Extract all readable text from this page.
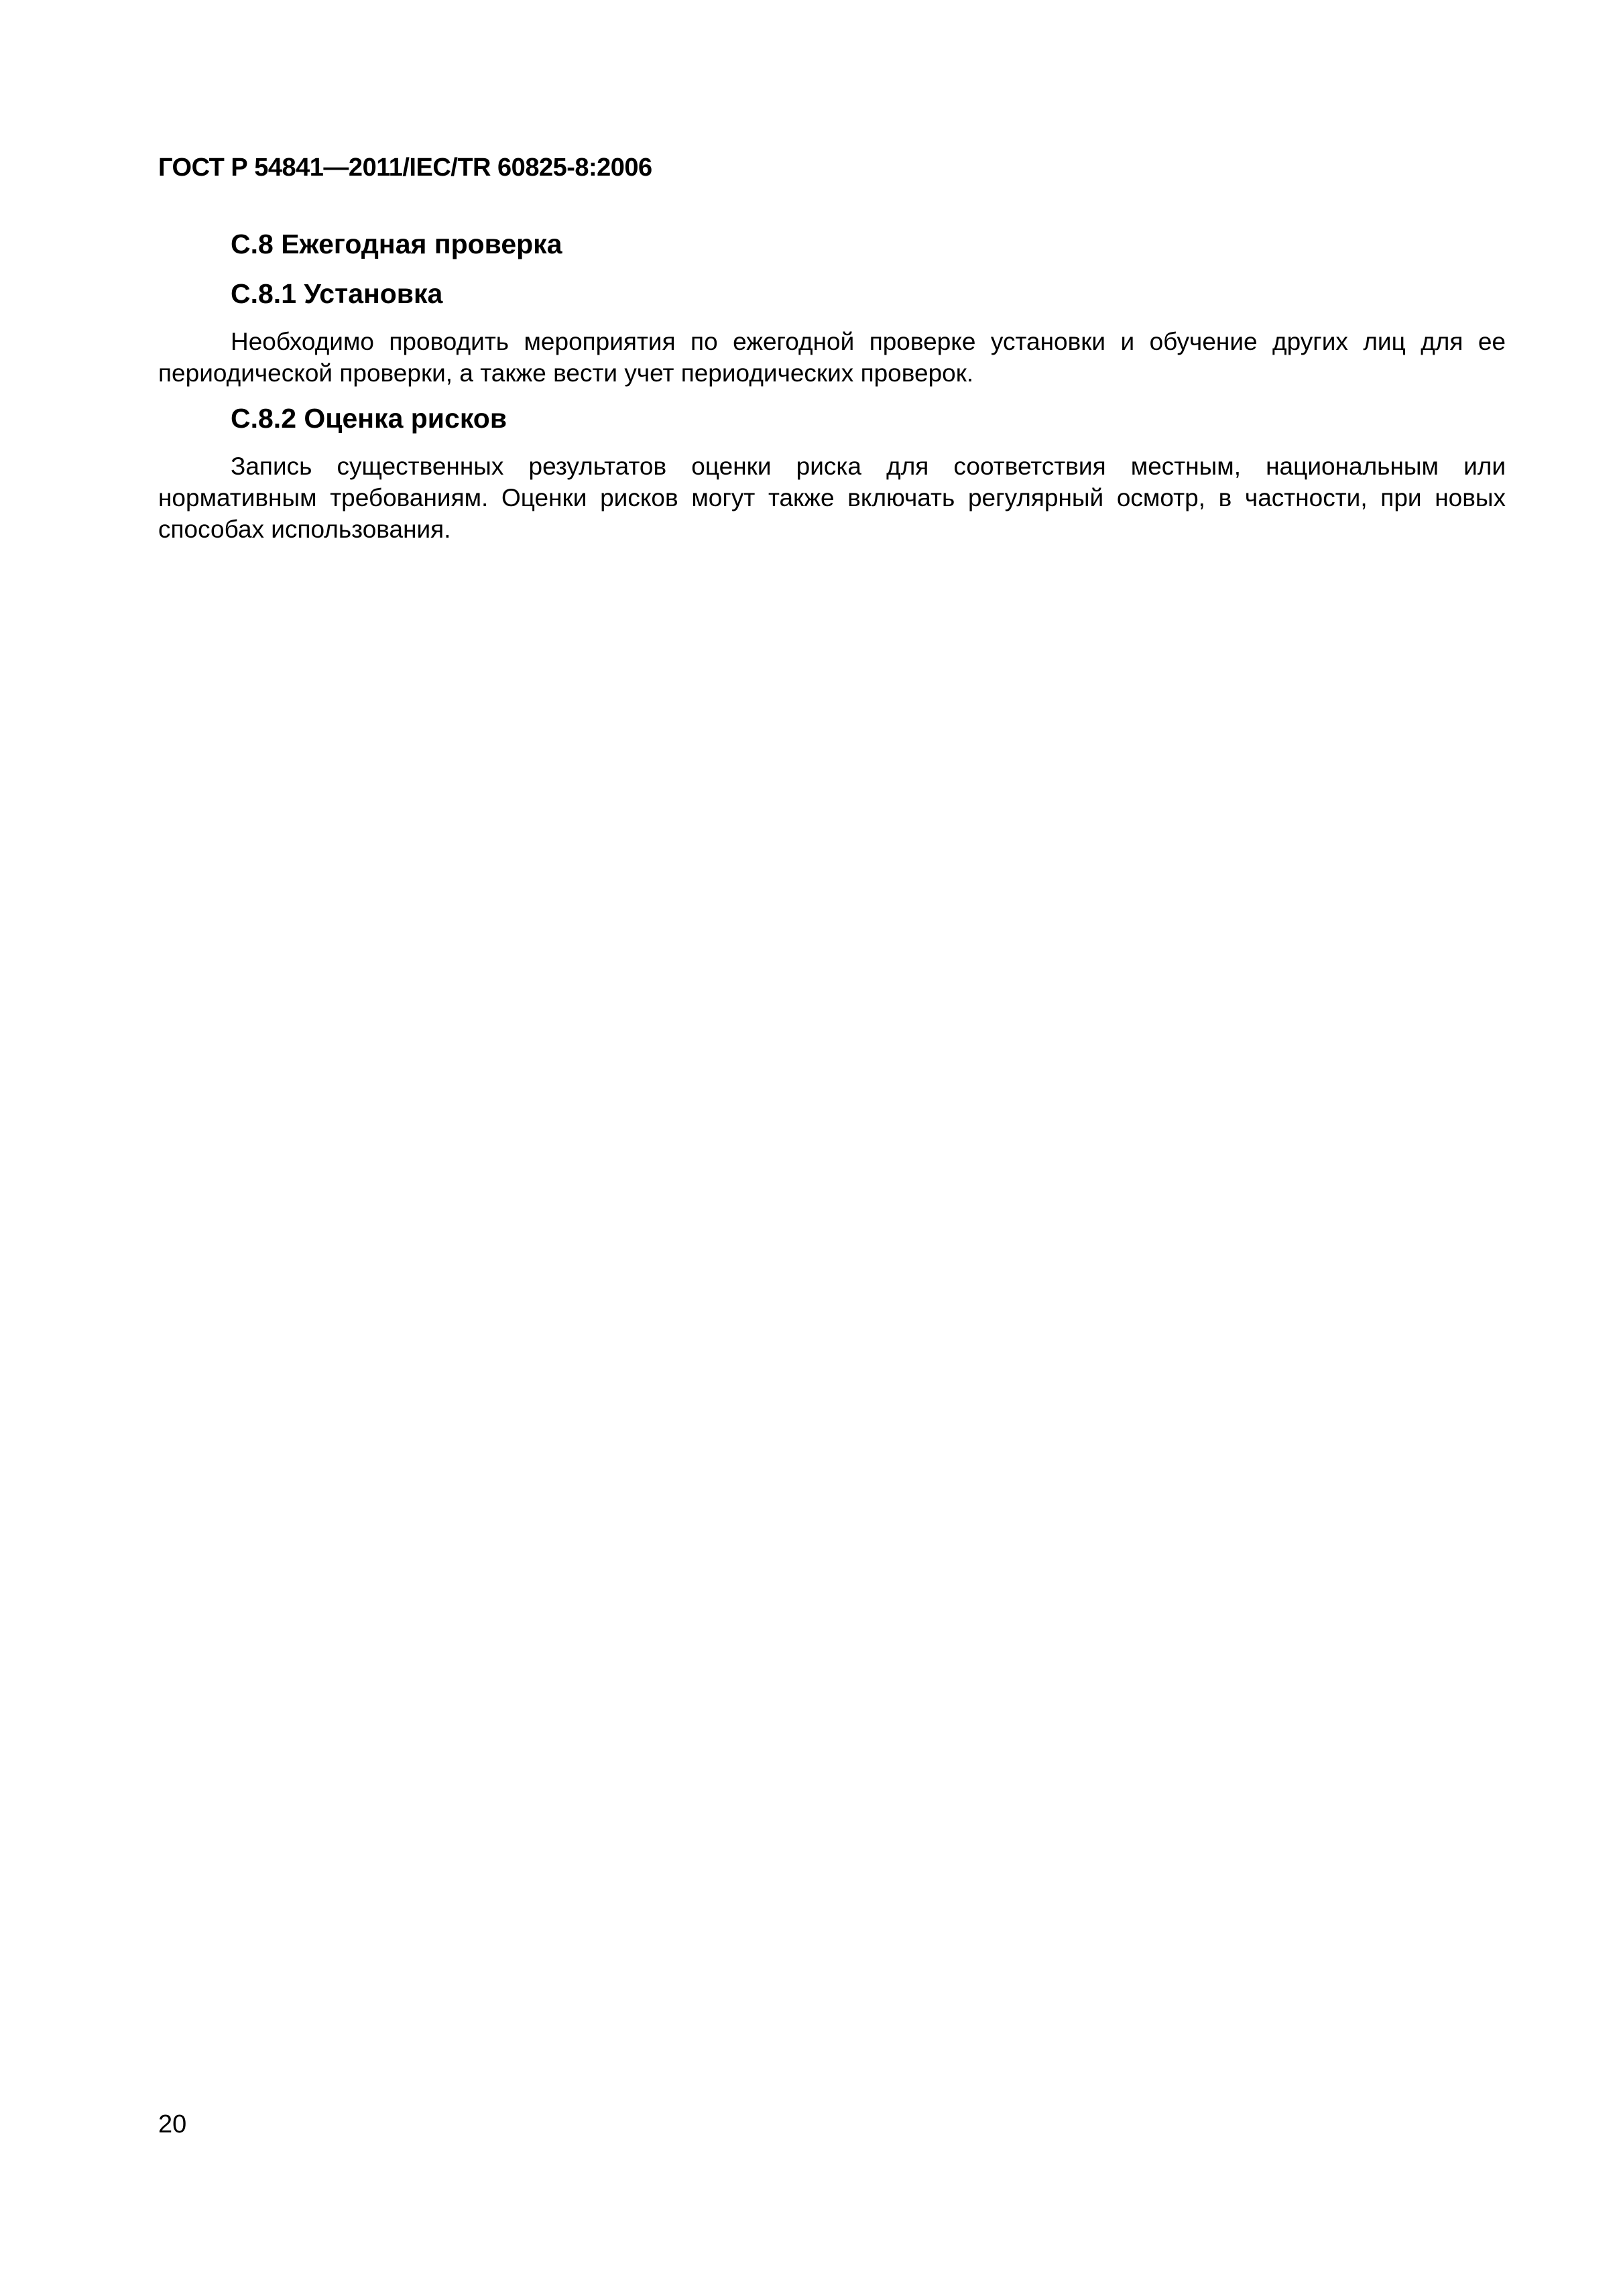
ГОСТ Р 54841—2011/IEC/TR 60825-8:2006
С.8 Ежегодная проверка
С.8.1 Установка

Необходимо проводить мероприятия по ежегодной проверке установки и обучение других лиц для ее периодической проверки, а также вести учет периодических проверок.

С.8.2 Оценка рисков

Запись существенных результатов оценки риска для соответствия местным, национальным или нормативным требованиям. Оценки рисков могут также включать регулярный осмотр, в частности, при новых способах использования.

20
